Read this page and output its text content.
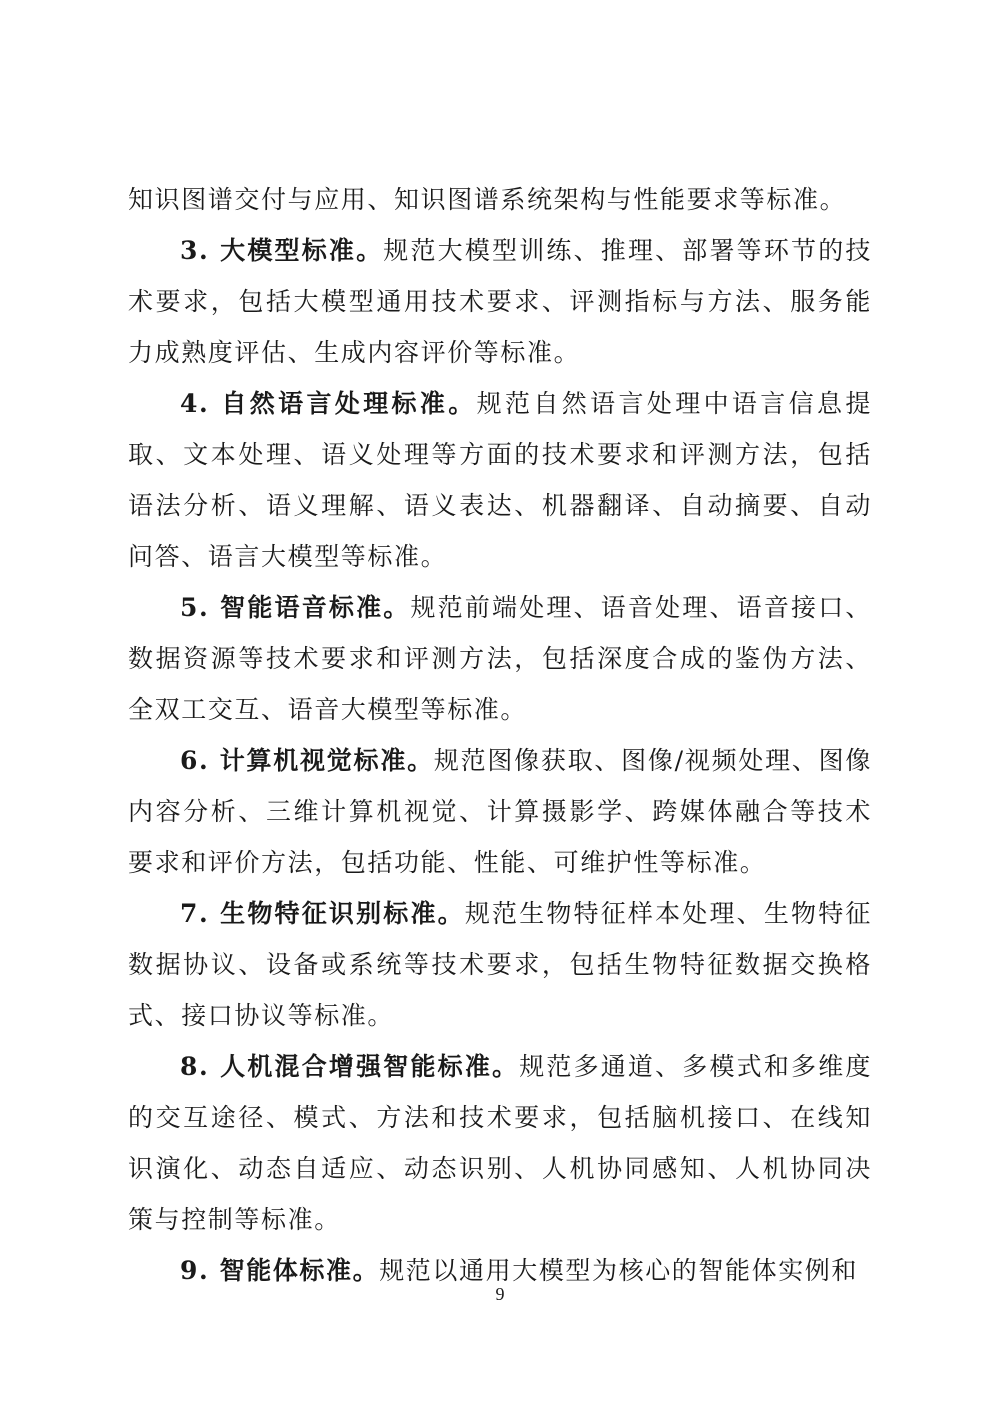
知识图谱交付与应用、知识图谱系统架构与性能要求等标准。

3. 大模型标准。规范大模型训练、推理、部署等环节的技术要求，包括大模型通用技术要求、评测指标与方法、服务能力成熟度评估、生成内容评价等标准。

4. 自然语言处理标准。规范自然语言处理中语言信息提取、文本处理、语义处理等方面的技术要求和评测方法，包括语法分析、语义理解、语义表达、机器翻译、自动摘要、自动问答、语言大模型等标准。

5. 智能语音标准。规范前端处理、语音处理、语音接口、数据资源等技术要求和评测方法，包括深度合成的鉴伪方法、全双工交互、语音大模型等标准。

6. 计算机视觉标准。规范图像获取、图像/视频处理、图像内容分析、三维计算机视觉、计算摄影学、跨媒体融合等技术要求和评价方法，包括功能、性能、可维护性等标准。

7. 生物特征识别标准。规范生物特征样本处理、生物特征数据协议、设备或系统等技术要求，包括生物特征数据交换格式、接口协议等标准。

8. 人机混合增强智能标准。规范多通道、多模式和多维度的交互途径、模式、方法和技术要求，包括脑机接口、在线知识演化、动态自适应、动态识别、人机协同感知、人机协同决策与控制等标准。

9. 智能体标准。规范以通用大模型为核心的智能体实例和

9
